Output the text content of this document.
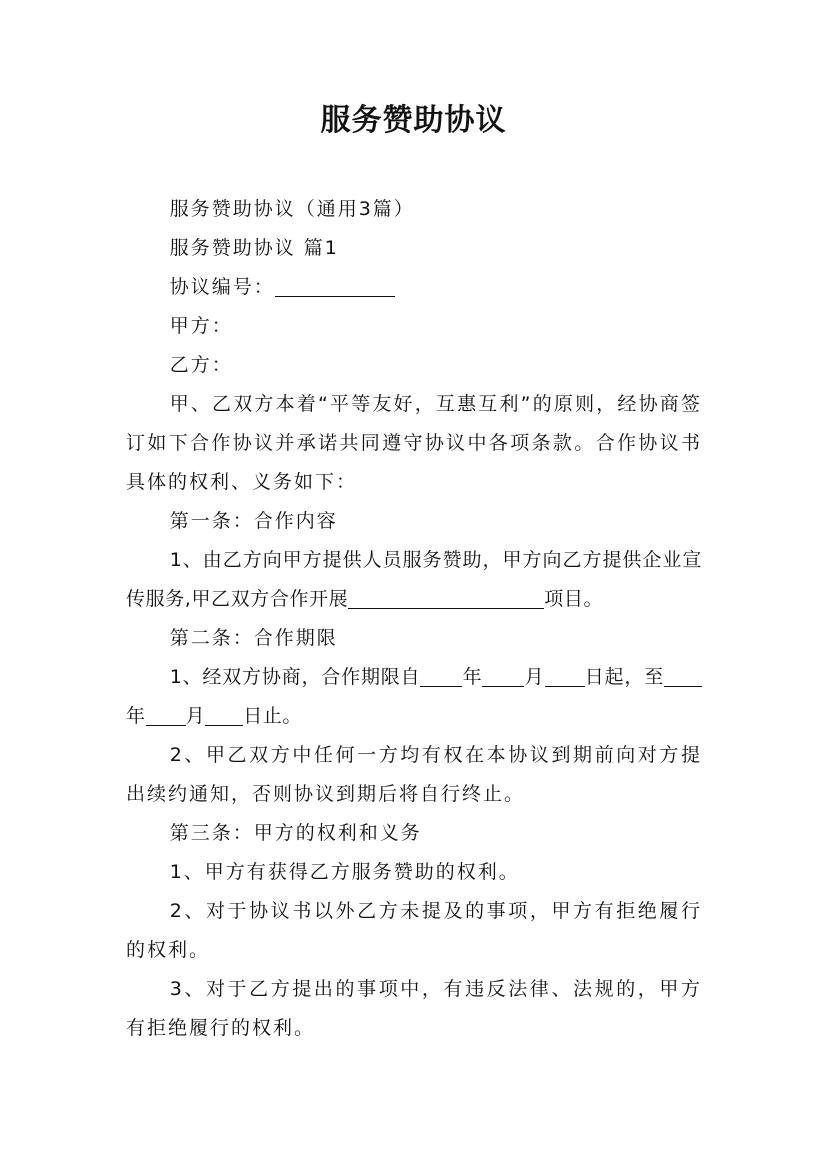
服务赞助协议

服务赞助协议（通用3篇）

服务赞助协议 篇1

协议编号：

甲方：

乙方：

甲、乙双方本着“平等友好，互惠互利”的原则，经协商签订如下合作协议并承诺共同遵守协议中各项条款。合作协议书具体的权利、义务如下：

第一条：合作内容

1、由乙方向甲方提供人员服务赞助，甲方向乙方提供企业宣传服务,甲乙双方合作开展	项目。

第二条：合作期限

1、经双方协商，合作期限自 年 月 日起，至年 月 日止。

2、甲乙双方中任何一方均有权在本协议到期前向对方提出续约通知，否则协议到期后将自行终止。

第三条：甲方的权利和义务

1、甲方有获得乙方服务赞助的权利。

2、对于协议书以外乙方未提及的事项，甲方有拒绝履行的权利。

3、对于乙方提出的事项中，有违反法律、法规的，甲方有拒绝履行的权利。
